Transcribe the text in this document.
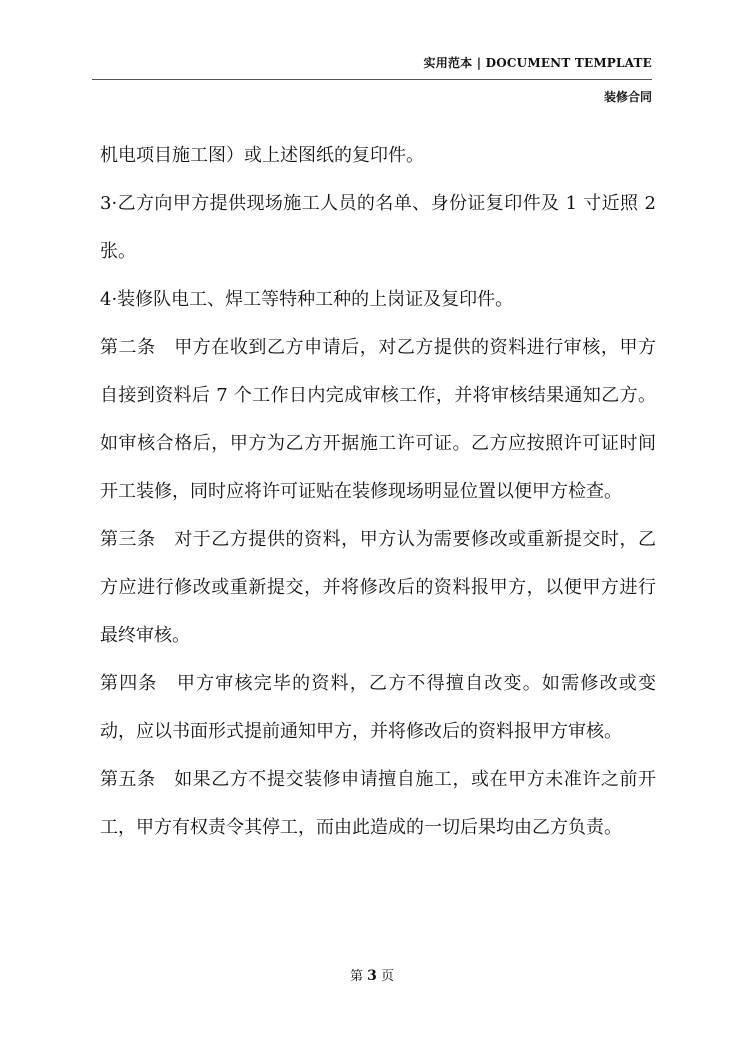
实用范本 | DOCUMENT TEMPLATE
装修合同

机电项目施工图）或上述图纸的复印件。

3·乙方向甲方提供现场施工人员的名单、身份证复印件及 1 寸近照 2 张。

4·装修队电工、焊工等特种工种的上岗证及复印件。

第二条　甲方在收到乙方申请后，对乙方提供的资料进行审核，甲方自接到资料后 7 个工作日内完成审核工作，并将审核结果通知乙方。如审核合格后，甲方为乙方开据施工许可证。乙方应按照许可证时间开工装修，同时应将许可证贴在装修现场明显位置以便甲方检查。

第三条　对于乙方提供的资料，甲方认为需要修改或重新提交时，乙方应进行修改或重新提交，并将修改后的资料报甲方，以便甲方进行最终审核。

第四条　甲方审核完毕的资料，乙方不得擅自改变。如需修改或变动，应以书面形式提前通知甲方，并将修改后的资料报甲方审核。

第五条　如果乙方不提交装修申请擅自施工，或在甲方未准许之前开工，甲方有权责令其停工，而由此造成的一切后果均由乙方负责。

第 3 页
